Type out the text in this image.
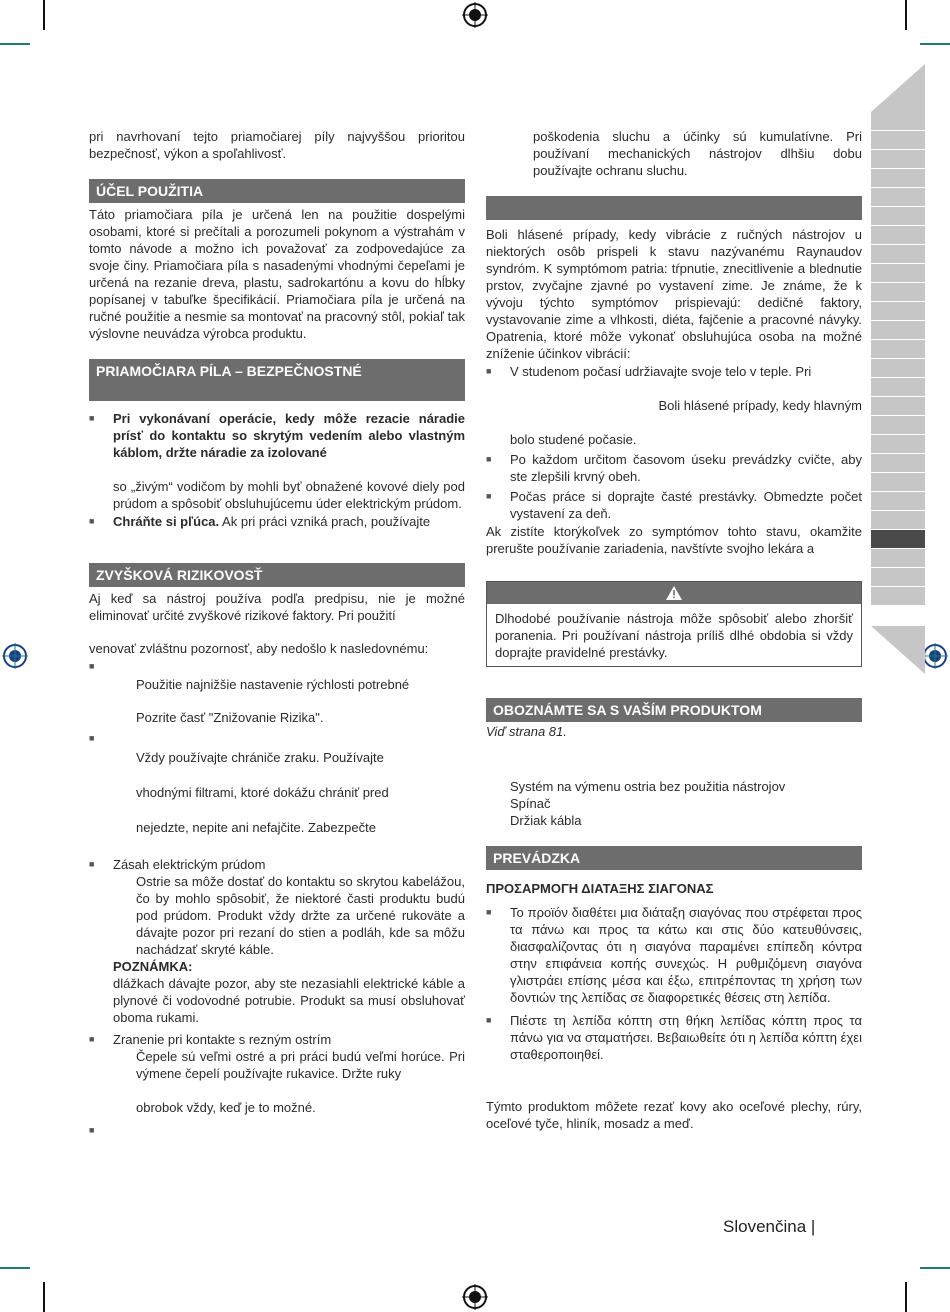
pri navrhovaní tejto priamočiarej píly najvyššou prioritou bezpečnosť, výkon a spoľahlivosť.

ÚČEL POUŽITIA

Táto priamočiara píla je určená len na použitie dospelými osobami, ktoré si prečítali a porozumeli pokynom a výstrahám v tomto návode a možno ich považovať za zodpovedajúce za svoje činy. Priamočiara píla s nasadenými vhodnými čepeľami je určená na rezanie dreva, plastu, sadrokartónu a kovu do hĺbky popísanej v tabuľke špecifikácií. Priamočiara píla je určená na ručné použitie a nesmie sa montovať na pracovný stôl, pokiaľ tak výslovne neuvádza výrobca produktu.

PRIAMOČIARA PÍLA – BEZPEČNOSTNÉ
■ Pri vykonávaní operácie, kedy môže rezacie náradie prísť do kontaktu so skrytým vedením alebo vlastným káblom, držte náradie za izolované
so „živým“ vodičom by mohli byť obnažené kovové diely pod prúdom a spôsobiť obsluhujúcemu úder elektrickým prúdom.
■ Chráňte si pľúca. Ak pri práci vzniká prach, používajte
ZVYŠKOVÁ RIZIKOVOSŤ

Aj keď sa nástroj používa podľa predpisu, nie je možné eliminovať určité zvyškové rizikové faktory. Pri použití

venovať zvláštnu pozornosť, aby nedošlo k nasledovnému:

■
Použitie najnižšie nastavenie rýchlosti potrebné
Pozrite časť "Znižovanie Rizika".
■
Vždy používajte chrániče zraku. Používajte
vhodnými filtrami, ktoré dokážu chrániť pred
nejedzte, nepite ani nefajčite. Zabezpečte
■ Zásah elektrickým prúdom
Ostrie sa môže dostať do kontaktu so skrytou kabelážou, čo by mohlo spôsobiť, že niektoré časti produktu budú pod prúdom. Produkt vždy držte za určené rukoväte a dávajte pozor pri rezaní do stien a podláh, kde sa môžu nachádzať skryté káble.
POZNÁMKA:

dlážkach dávajte pozor, aby ste nezasiahli elektrické káble a plynové či vodovodné potrubie. Produkt sa musí obsluhovať oboma rukami.

■ Zranenie pri kontakte s rezným ostrím
Čepele sú veľmi ostré a pri práci budú veľmi horúce. Pri výmene čepelí používajte rukavice. Držte ruky
obrobok vždy, keď je to možné.
■
poškodenia sluchu a účinky sú kumulatívne. Pri používaní mechanických nástrojov dlhšiu dobu používajte ochranu sluchu.

Boli hlásené prípady, kedy vibrácie z ručných nástrojov u niektorých osôb prispeli k stavu nazývanému Raynaudov syndróm. K symptómom patria: tŕpnutie, znecitlivenie a blednutie prstov, zvyčajne zjavné po vystavení zime. Je známe, že k vývoju týchto symptómov prispievajú: dedičné faktory, vystavovanie zime a vlhkosti, diéta, fajčenie a pracovné návyky. Opatrenia, ktoré môže vykonať obsluhujúca osoba na možné zníženie účinkov vibrácií:

■ V studenom počasí udržiavajte svoje telo v teple. Pri
Boli hlásené prípady, kedy hlavným
bolo studené počasie.
■ Po každom určitom časovom úseku prevádzky cvičte, aby ste zlepšili krvný obeh.
■ Počas práce si doprajte časté prestávky. Obmedzte počet vystavení za deň.

Ak zistíte ktorýkoľvek zo symptómov tohto stavu, okamžite prerušte používanie zariadenia, navštívte svojho lekára a

Dlhodobé používanie nástroja môže spôsobiť alebo zhoršiť poranenia. Pri používaní nástroja príliš dlhé obdobia si vždy doprajte pravidelné prestávky.
OBOZNÁMTE SA S VAŠÍM PRODUKTOM
Viď strana 81.
Systém na výmenu ostria bez použitia nástrojov
Spínač
Držiak kábla
PREVÁDZKA
ΠΡΟΣΑΡΜΟΓΗ ΔΙΑΤΑΞΗΣ ΣΙΑΓΟΝΑΣ
■ Το προϊόν διαθέτει μια διάταξη σιαγόνας που στρέφεται προς τα πάνω και προς τα κάτω και στις δύο κατευθύνσεις, διασφαλίζοντας ότι η σιαγόνα παραμένει επίπεδη κόντρα στην επιφάνεια κοπής συνεχώς. Η ρυθμιζόμενη σιαγόνα γλιστράει επίσης μέσα και έξω, επιτρέποντας τη χρήση των δοντιών της λεπίδας σε διαφορετικές θέσεις στη λεπίδα.
■ Πιέστε τη λεπίδα κόπτη στη θήκη λεπίδας κόπτη προς τα πάνω για να σταματήσει. Βεβαιωθείτε ότι η λεπίδα κόπτη έχει σταθεροποιηθεί.

Týmto produktom môžete rezať kovy ako oceľové plechy, rúry, oceľové tyče, hliník, mosadz a meď.

Slovenčina |
